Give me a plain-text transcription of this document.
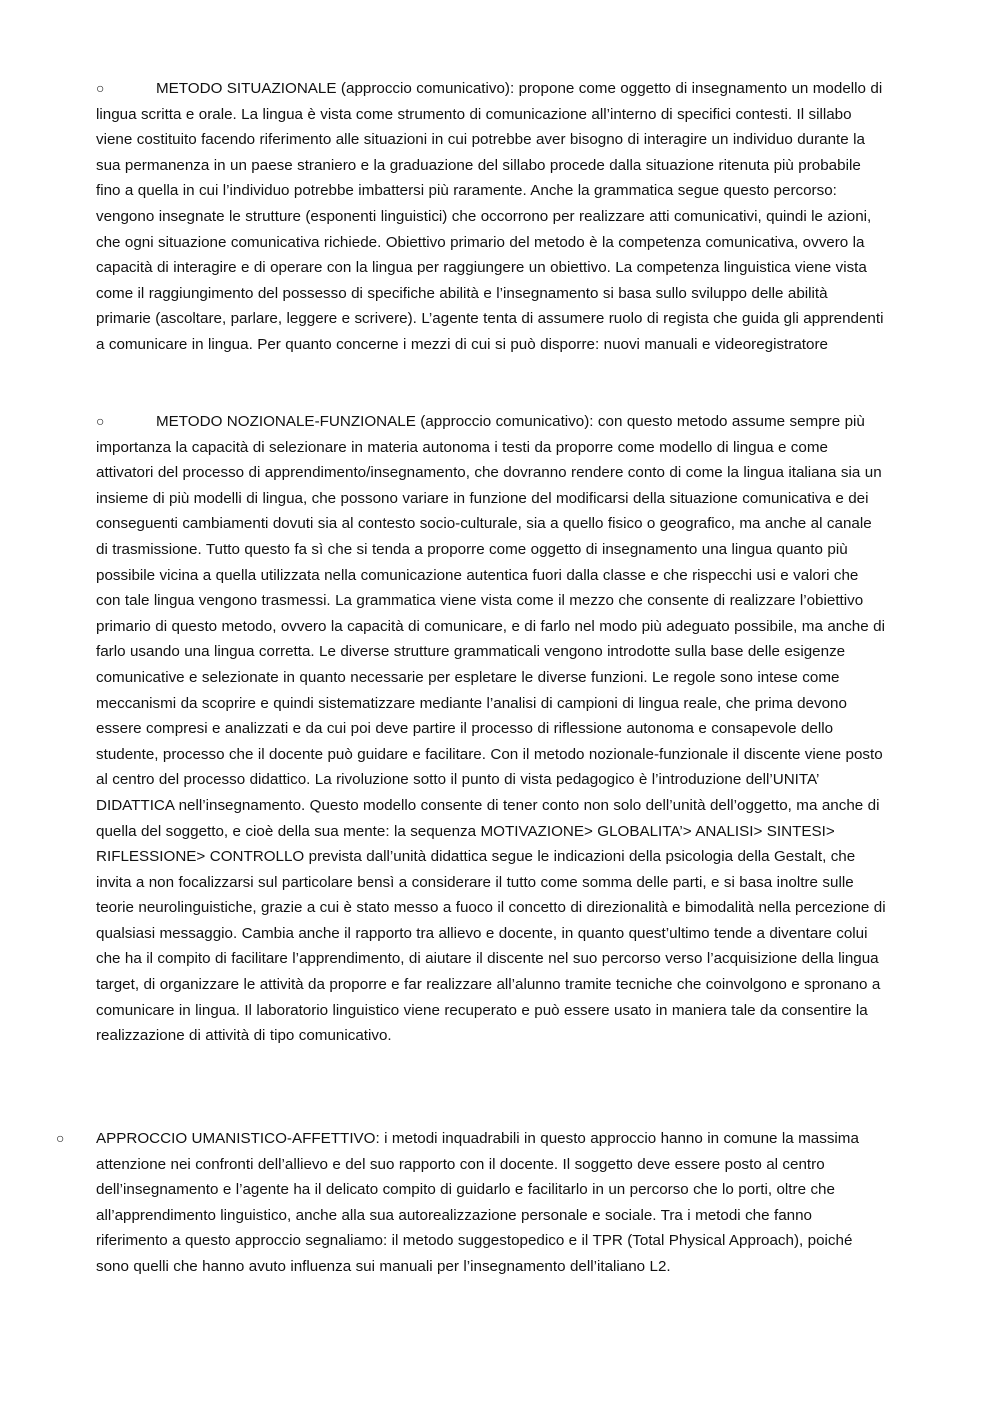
○	METODO SITUAZIONALE (approccio comunicativo): propone come oggetto di insegnamento un modello di lingua scritta e orale. La lingua è vista come strumento di comunicazione all’interno di specifici contesti. Il sillabo viene costituito facendo riferimento alle situazioni in cui potrebbe aver bisogno di interagire un individuo durante la sua permanenza in un paese straniero e la graduazione del sillabo procede dalla situazione ritenuta più probabile fino a quella in cui l’individuo potrebbe imbattersi più raramente. Anche la grammatica segue questo percorso: vengono insegnate le strutture (esponenti linguistici) che occorrono per realizzare atti comunicativi, quindi le azioni, che ogni situazione comunicativa richiede. Obiettivo primario del metodo è la competenza comunicativa, ovvero la capacità di interagire e di operare con la lingua per raggiungere un obiettivo. La competenza linguistica viene vista come il raggiungimento del possesso di specifiche abilità e l’insegnamento si basa sullo sviluppo delle abilità primarie (ascoltare, parlare, leggere e scrivere). L’agente tenta di assumere ruolo di regista che guida gli apprendenti a comunicare in lingua. Per quanto concerne i mezzi di cui si può disporre: nuovi manuali e videoregistratore

○	METODO NOZIONALE-FUNZIONALE (approccio comunicativo): con questo metodo assume sempre più importanza la capacità di selezionare in materia autonoma i testi da proporre come modello di lingua e come attivatori del processo di apprendimento/insegnamento, che dovranno rendere conto di come la lingua italiana sia un insieme di più modelli di lingua, che possono variare in funzione del modificarsi della situazione comunicativa e dei conseguenti cambiamenti dovuti sia al contesto socio-culturale, sia a quello fisico o geografico, ma anche al canale di trasmissione. Tutto questo fa sì che si tenda a proporre come oggetto di insegnamento una lingua quanto più possibile vicina a quella utilizzata nella comunicazione autentica fuori dalla classe e che rispecchi usi e valori che con tale lingua vengono trasmessi. La grammatica viene vista come il mezzo che consente di realizzare l’obiettivo primario di questo metodo, ovvero la capacità di comunicare, e di farlo nel modo più adeguato possibile, ma anche di farlo usando una lingua corretta. Le diverse strutture grammaticali vengono introdotte sulla base delle esigenze comunicative e selezionate in quanto necessarie per espletare le diverse funzioni. Le regole sono intese come meccanismi da scoprire e quindi sistematizzare mediante l’analisi di campioni di lingua reale, che prima devono essere compresi e analizzati e da cui poi deve partire il processo di riflessione autonoma e consapevole dello studente, processo che il docente può guidare e facilitare. Con il metodo nozionale-funzionale il discente viene posto al centro del processo didattico. La rivoluzione sotto il punto di vista pedagogico è l’introduzione dell’UNITA’ DIDATTICA nell’insegnamento. Questo modello consente di tener conto non solo dell’unità dell’oggetto, ma anche di quella del soggetto, e cioè della sua mente: la sequenza MOTIVAZIONE> GLOBALITA’> ANALISI> SINTESI> RIFLESSIONE> CONTROLLO prevista dall’unità didattica segue le indicazioni della psicologia della Gestalt, che invita a non focalizzarsi sul particolare bensì a considerare il tutto come somma delle parti, e si basa inoltre sulle teorie neurolinguistiche, grazie a cui è stato messo a fuoco il concetto di direzionalità e bimodalità nella percezione di qualsiasi messaggio. Cambia anche il rapporto tra allievo e docente, in quanto quest’ultimo tende a diventare colui che ha il compito di facilitare l’apprendimento, di aiutare il discente nel suo percorso verso l’acquisizione della lingua target, di organizzare le attività da proporre e far realizzare all’alunno tramite tecniche che coinvolgono e spronano a comunicare in lingua. Il laboratorio linguistico viene recuperato e può essere usato in maniera tale da consentire la realizzazione di attività di tipo comunicativo.

○ APPROCCIO UMANISTICO-AFFETTIVO: i metodi inquadrabili in questo approccio hanno in comune la massima attenzione nei confronti dell’allievo e del suo rapporto con il docente. Il soggetto deve essere posto al centro dell’insegnamento e l’agente ha il delicato compito di guidarlo e facilitarlo in un percorso che lo porti, oltre che all’apprendimento linguistico, anche alla sua autorealizzazione personale e sociale. Tra i metodi che fanno riferimento a questo approccio segnaliamo: il metodo suggestopedico e il TPR (Total Physical Approach), poiché sono quelli che hanno avuto influenza sui manuali per l’insegnamento dell’italiano L2.
